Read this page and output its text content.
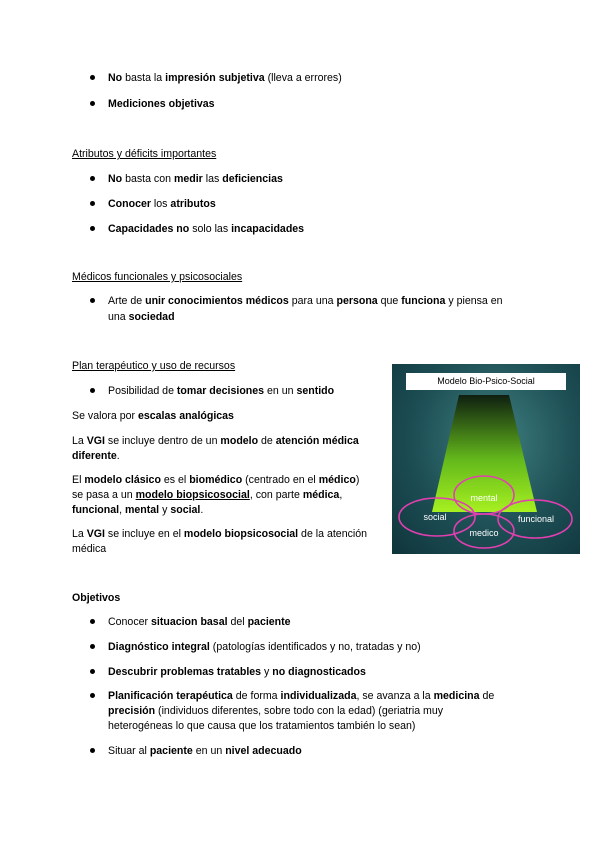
No basta la impresión subjetiva (lleva a errores)
Mediciones objetivas
Atributos y déficits importantes
No basta con medir las deficiencias
Conocer los atributos
Capacidades no solo las incapacidades
Médicos funcionales y psicosociales
Arte de unir conocimientos médicos para una persona que funciona y piensa en
una sociedad
Plan terapéutico y uso de recursos
Posibilidad de tomar decisiones en un sentido
Se valora por escalas analógicas
La VGI se incluye dentro de un modelo de atención médica
diferente.
El modelo clásico es el biomédico (centrado en el médico)
se pasa a un modelo biopsicosocial, con parte médica,
funcional, mental y social.
La VGI se incluye en el modelo biopsicosocial de la atención
médica
Modelo Bio-Psico-Social
mental
social	funcional
medico
Objetivos
Conocer situacion basal del paciente
Diagnóstico integral (patologías identificados y no, tratadas y no)
Descubrir problemas tratables y no diagnosticados
Planificación terapéutica de forma individualizada, se avanza a la medicina de
precisión (individuos diferentes, sobre todo con la edad) (geriatria muy
heterogéneas lo que causa que los tratamientos también lo sean)
Situar al paciente en un nivel adecuado
